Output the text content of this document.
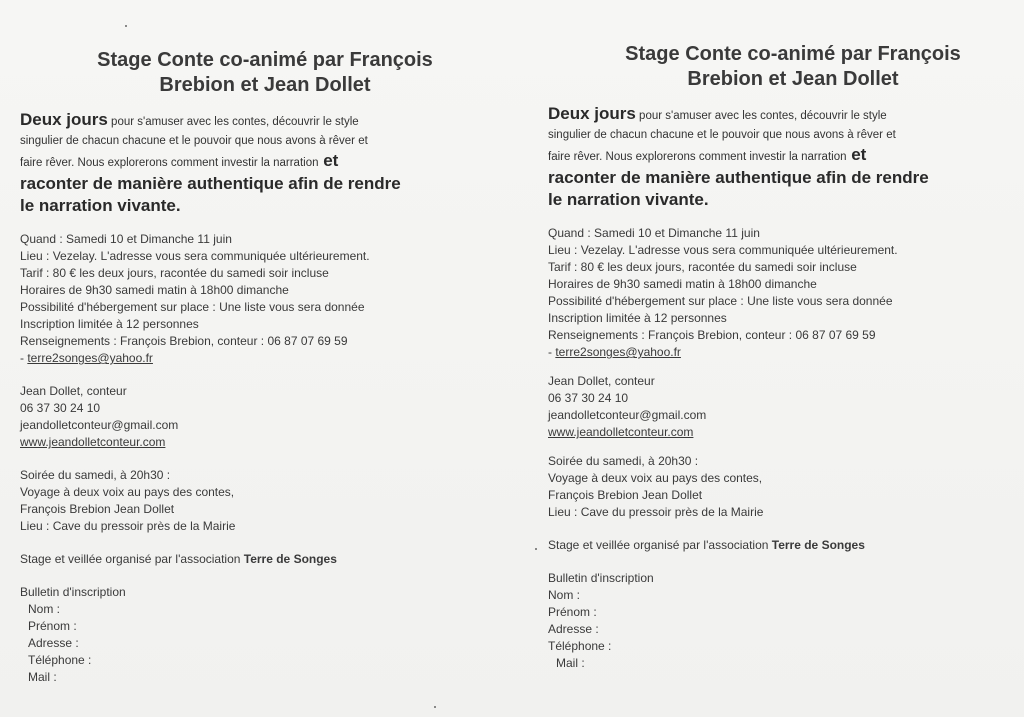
Stage Conte co-animé par François
Brebion et Jean Dollet
Deux jours pour s'amuser avec les contes, découvrir le style
singulier de chacun chacune et le pouvoir que nous avons à rêver et
faire rêver. Nous explorerons comment investir la narration et
raconter de manière authentique afin de rendre
le narration vivante.
Quand : Samedi 10 et Dimanche 11 juin
Lieu : Vezelay. L'adresse vous sera communiquée ultérieurement.
Tarif : 80 € les deux jours, racontée du samedi soir incluse
Horaires de 9h30 samedi matin à 18h00 dimanche
Possibilité d'hébergement sur place : Une liste vous sera donnée
Inscription limitée à 12 personnes
Renseignements : François Brebion, conteur : 06 87 07 69 59
- terre2songes@yahoo.fr
Jean Dollet, conteur
06 37 30 24 10
jeandolletconteur@gmail.com
www.jeandolletconteur.com
Soirée du samedi, à 20h30 :
Voyage à deux voix au pays des contes,
François Brebion Jean Dollet
Lieu : Cave du pressoir près de la Mairie
Stage et veillée organisé par l'association Terre de Songes
Bulletin d'inscription
Nom :
Prénom :
Adresse :
Téléphone :
Mail :
Stage Conte co-animé par François
Brebion et Jean Dollet
Deux jours pour s'amuser avec les contes, découvrir le style
singulier de chacun chacune et le pouvoir que nous avons à rêver et
faire rêver. Nous explorerons comment investir la narration et
raconter de manière authentique afin de rendre
le narration vivante.
Quand : Samedi 10 et Dimanche 11 juin
Lieu : Vezelay. L'adresse vous sera communiquée ultérieurement.
Tarif : 80 € les deux jours, racontée du samedi soir incluse
Horaires de 9h30 samedi matin à 18h00 dimanche
Possibilité d'hébergement sur place : Une liste vous sera donnée
Inscription limitée à 12 personnes
Renseignements : François Brebion, conteur : 06 87 07 69 59
- terre2songes@yahoo.fr
Jean Dollet, conteur
06 37 30 24 10
jeandolletconteur@gmail.com
www.jeandolletconteur.com
Soirée du samedi, à 20h30 :
Voyage à deux voix au pays des contes,
François Brebion Jean Dollet
Lieu : Cave du pressoir près de la Mairie
Stage et veillée organisé par l'association Terre de Songes
Bulletin d'inscription
Nom :
Prénom :
Adresse :
Téléphone :
Mail :
